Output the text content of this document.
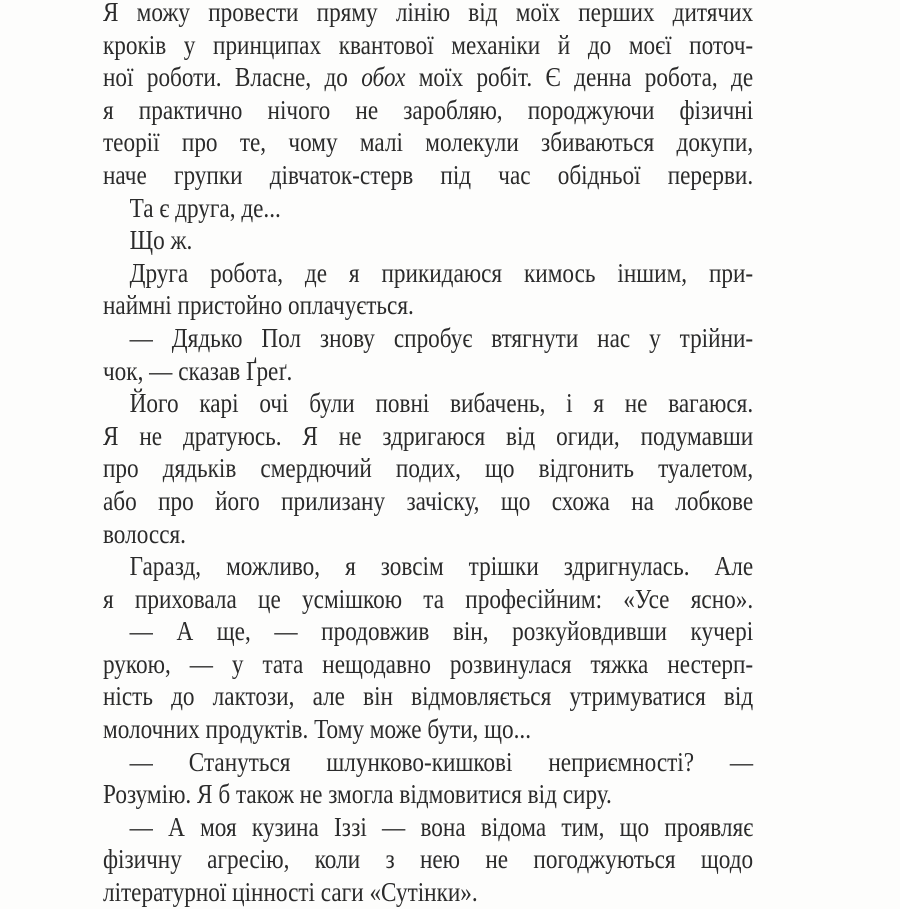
Я можу провести пряму лінію від моїх перших дитячих
кроків у принципах квантової механіки й до моєї поточ-
ної роботи. Власне, до обох моїх робіт. Є денна робота, де
я практично нічого не заробляю, породжуючи фізичні
теорії про те, чому малі молекули збиваються докупи,
наче групки дівчаток-стерв під час обідньої перерви.
Та є друга, де...
Що ж.
Друга робота, де я прикидаюся кимось іншим, при-
наймні пристойно оплачується.
— Дядько Пол знову спробує втягнути нас у трійни-
чок, — сказав Ґреґ.
Його карі очі були повні вибачень, і я не вагаюся.
Я не дратуюсь. Я не здригаюся від огиди, подумавши
про дядьків смердючий подих, що відгонить туалетом,
або про його прилизану зачіску, що схожа на лобкове
волосся.
Гаразд, можливо, я зовсім трішки здригнулась. Але
я приховала це усмішкою та професійним: «Усе ясно».
— А ще, — продовжив він, розкуйовдивши кучері
рукою, — у тата нещодавно розвинулася тяжка нестерп-
ність до лактози, але він відмовляється утримуватися від
молочних продуктів. Тому може бути, що...
— Стануться шлунково-кишкові неприємності? —
Розумію. Я б також не змогла відмовитися від сиру.
— А моя кузина Іззі — вона відома тим, що проявляє
фізичну агресію, коли з нею не погоджуються щодо
літературної цінності саги «Сутінки».
